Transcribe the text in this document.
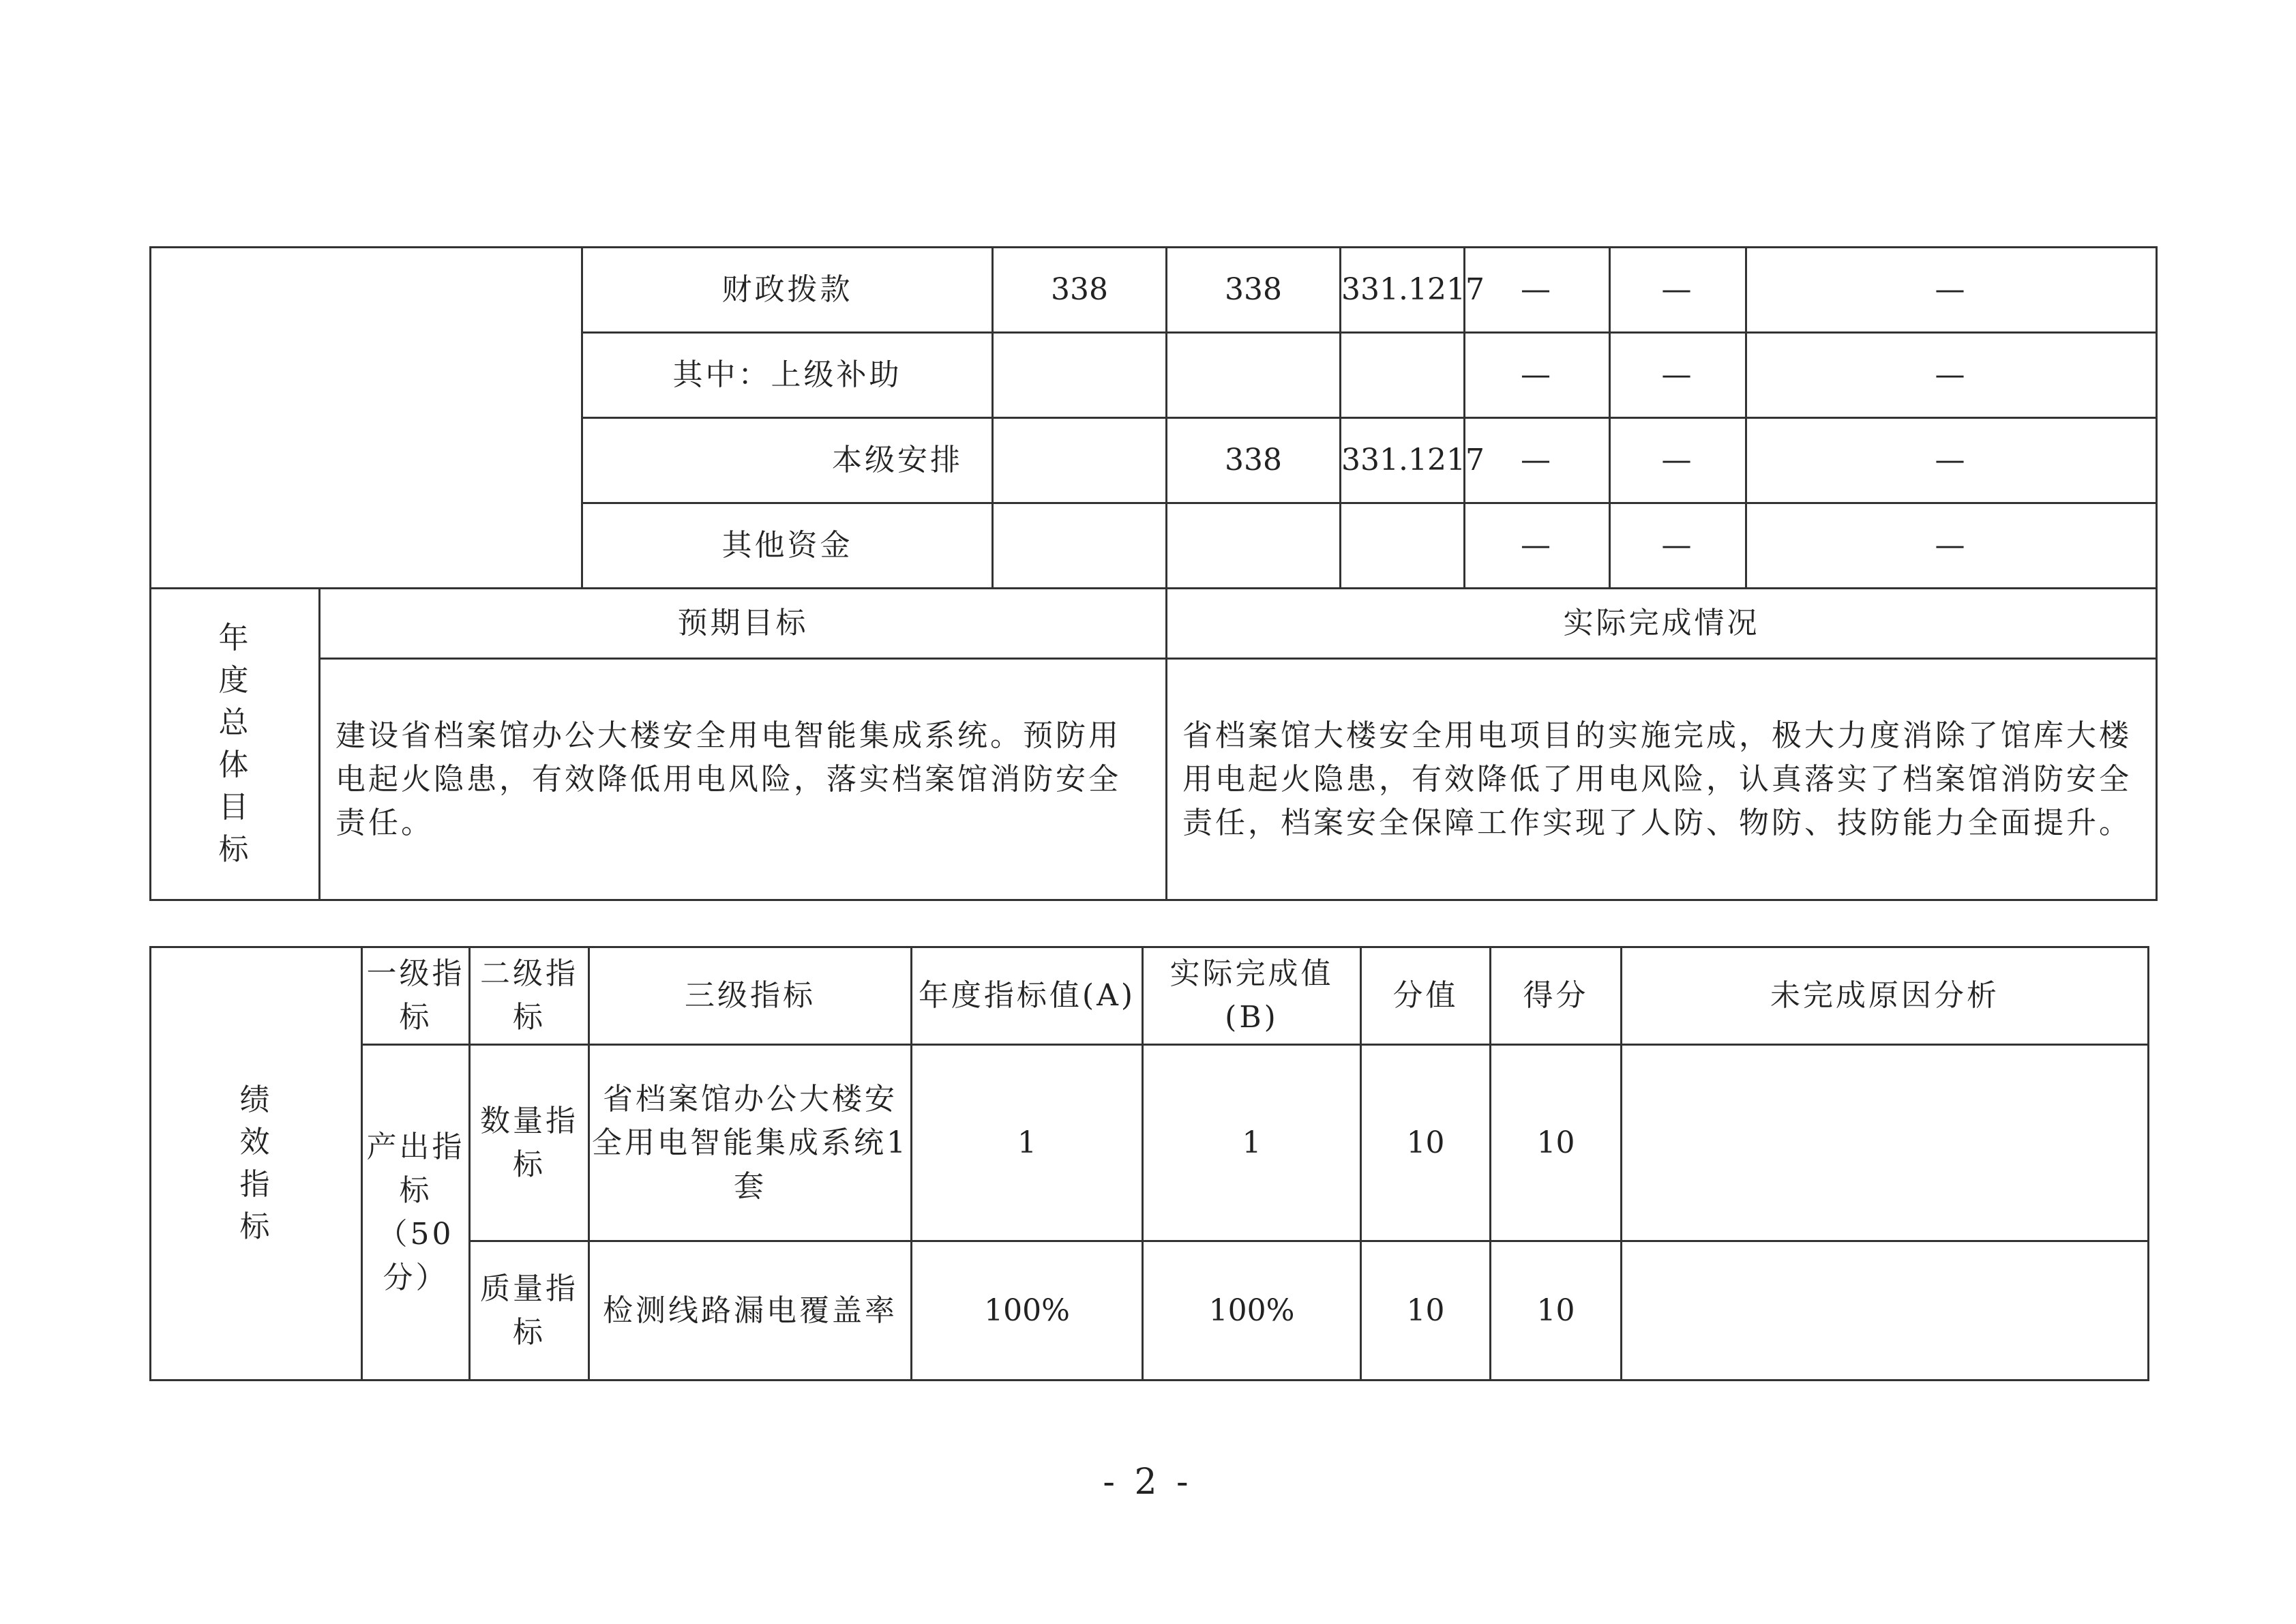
		财政拨款	338	338	331.1217	—	—	—	
		其中：上级补助				—	—	—	
		本级安排		338	331.1217	—	—	—	
		其他资金				—	—	—	
年度总体目标	预期目标			实际完成情况					
	建设省档案馆办公大楼安全用电智能集成系统。预防用电起火隐患，有效降低用电风险，落实档案馆消防安全责任。			省档案馆大楼安全用电项目的实施完成，极大力度消除了馆库大楼用电起火隐患，有效降低了用电风险，认真落实了档案馆消防安全责任，档案安全保障工作实现了人防、物防、技防能力全面提升。					
绩效指标	一级指标	二级指标	三级指标	年度指标值(A)	实际完成值(B)	分值	得分	未完成原因分析
	产出指标（50分）	数量指标	省档案馆办公大楼安全用电智能集成系统1套	1	1	10	10	
		质量指标	检测线路漏电覆盖率	100%	100%	10	10	
- 2 -
